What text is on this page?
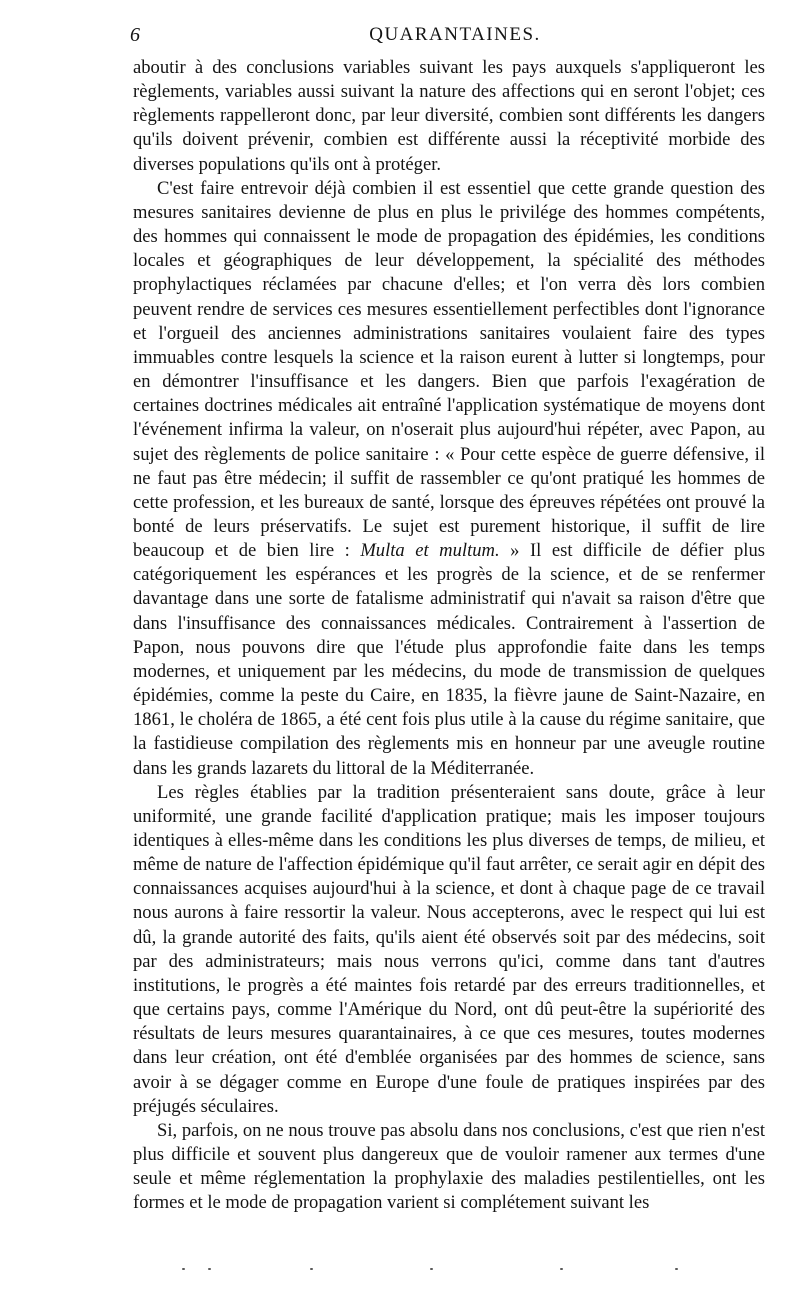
6	QUARANTAINES.

aboutir à des conclusions variables suivant les pays auxquels s'appliqueront les règlements, variables aussi suivant la nature des affections qui en seront l'objet; ces règlements rappelleront donc, par leur diversité, combien sont différents les dangers qu'ils doivent prévenir, combien est différente aussi la réceptivité morbide des diverses populations qu'ils ont à protéger.

C'est faire entrevoir déjà combien il est essentiel que cette grande question des mesures sanitaires devienne de plus en plus le privilége des hommes compétents, des hommes qui connaissent le mode de propagation des épidémies, les conditions locales et géographiques de leur développement, la spécialité des méthodes prophylactiques réclamées par chacune d'elles; et l'on verra dès lors combien peuvent rendre de services ces mesures essentiellement perfectibles dont l'ignorance et l'orgueil des anciennes administrations sanitaires voulaient faire des types immuables contre lesquels la science et la raison eurent à lutter si longtemps, pour en démontrer l'insuffisance et les dangers. Bien que parfois l'exagération de certaines doctrines médicales ait entraîné l'application systématique de moyens dont l'événement infirma la valeur, on n'oserait plus aujourd'hui répéter, avec Papon, au sujet des règlements de police sanitaire : « Pour cette espèce de guerre défensive, il ne faut pas être médecin; il suffit de rassembler ce qu'ont pratiqué les hommes de cette profession, et les bureaux de santé, lorsque des épreuves répétées ont prouvé la bonté de leurs préservatifs. Le sujet est purement historique, il suffit de lire beaucoup et de bien lire : Multa et multum. » Il est difficile de défier plus catégoriquement les espérances et les progrès de la science, et de se renfermer davantage dans une sorte de fatalisme administratif qui n'avait sa raison d'être que dans l'insuffisance des connaissances médicales. Contrairement à l'assertion de Papon, nous pouvons dire que l'étude plus approfondie faite dans les temps modernes, et uniquement par les médecins, du mode de transmission de quelques épidémies, comme la peste du Caire, en 1835, la fièvre jaune de Saint-Nazaire, en 1861, le choléra de 1865, a été cent fois plus utile à la cause du régime sanitaire, que la fastidieuse compilation des règlements mis en honneur par une aveugle routine dans les grands lazarets du littoral de la Méditerranée.

Les règles établies par la tradition présenteraient sans doute, grâce à leur uniformité, une grande facilité d'application pratique; mais les imposer toujours identiques à elles-même dans les conditions les plus diverses de temps, de milieu, et même de nature de l'affection épidémique qu'il faut arrêter, ce serait agir en dépit des connaissances acquises aujourd'hui à la science, et dont à chaque page de ce travail nous aurons à faire ressortir la valeur. Nous accepterons, avec le respect qui lui est dû, la grande autorité des faits, qu'ils aient été observés soit par des médecins, soit par des administrateurs; mais nous verrons qu'ici, comme dans tant d'autres institutions, le progrès a été maintes fois retardé par des erreurs traditionnelles, et que certains pays, comme l'Amérique du Nord, ont dû peut-être la supériorité des résultats de leurs mesures quarantainaires, à ce que ces mesures, toutes modernes dans leur création, ont été d'emblée organisées par des hommes de science, sans avoir à se dégager comme en Europe d'une foule de pratiques inspirées par des préjugés séculaires.

Si, parfois, on ne nous trouve pas absolu dans nos conclusions, c'est que rien n'est plus difficile et souvent plus dangereux que de vouloir ramener aux termes d'une seule et même réglementation la prophylaxie des maladies pestilentielles, ont les formes et le mode de propagation varient si complétement suivant les
